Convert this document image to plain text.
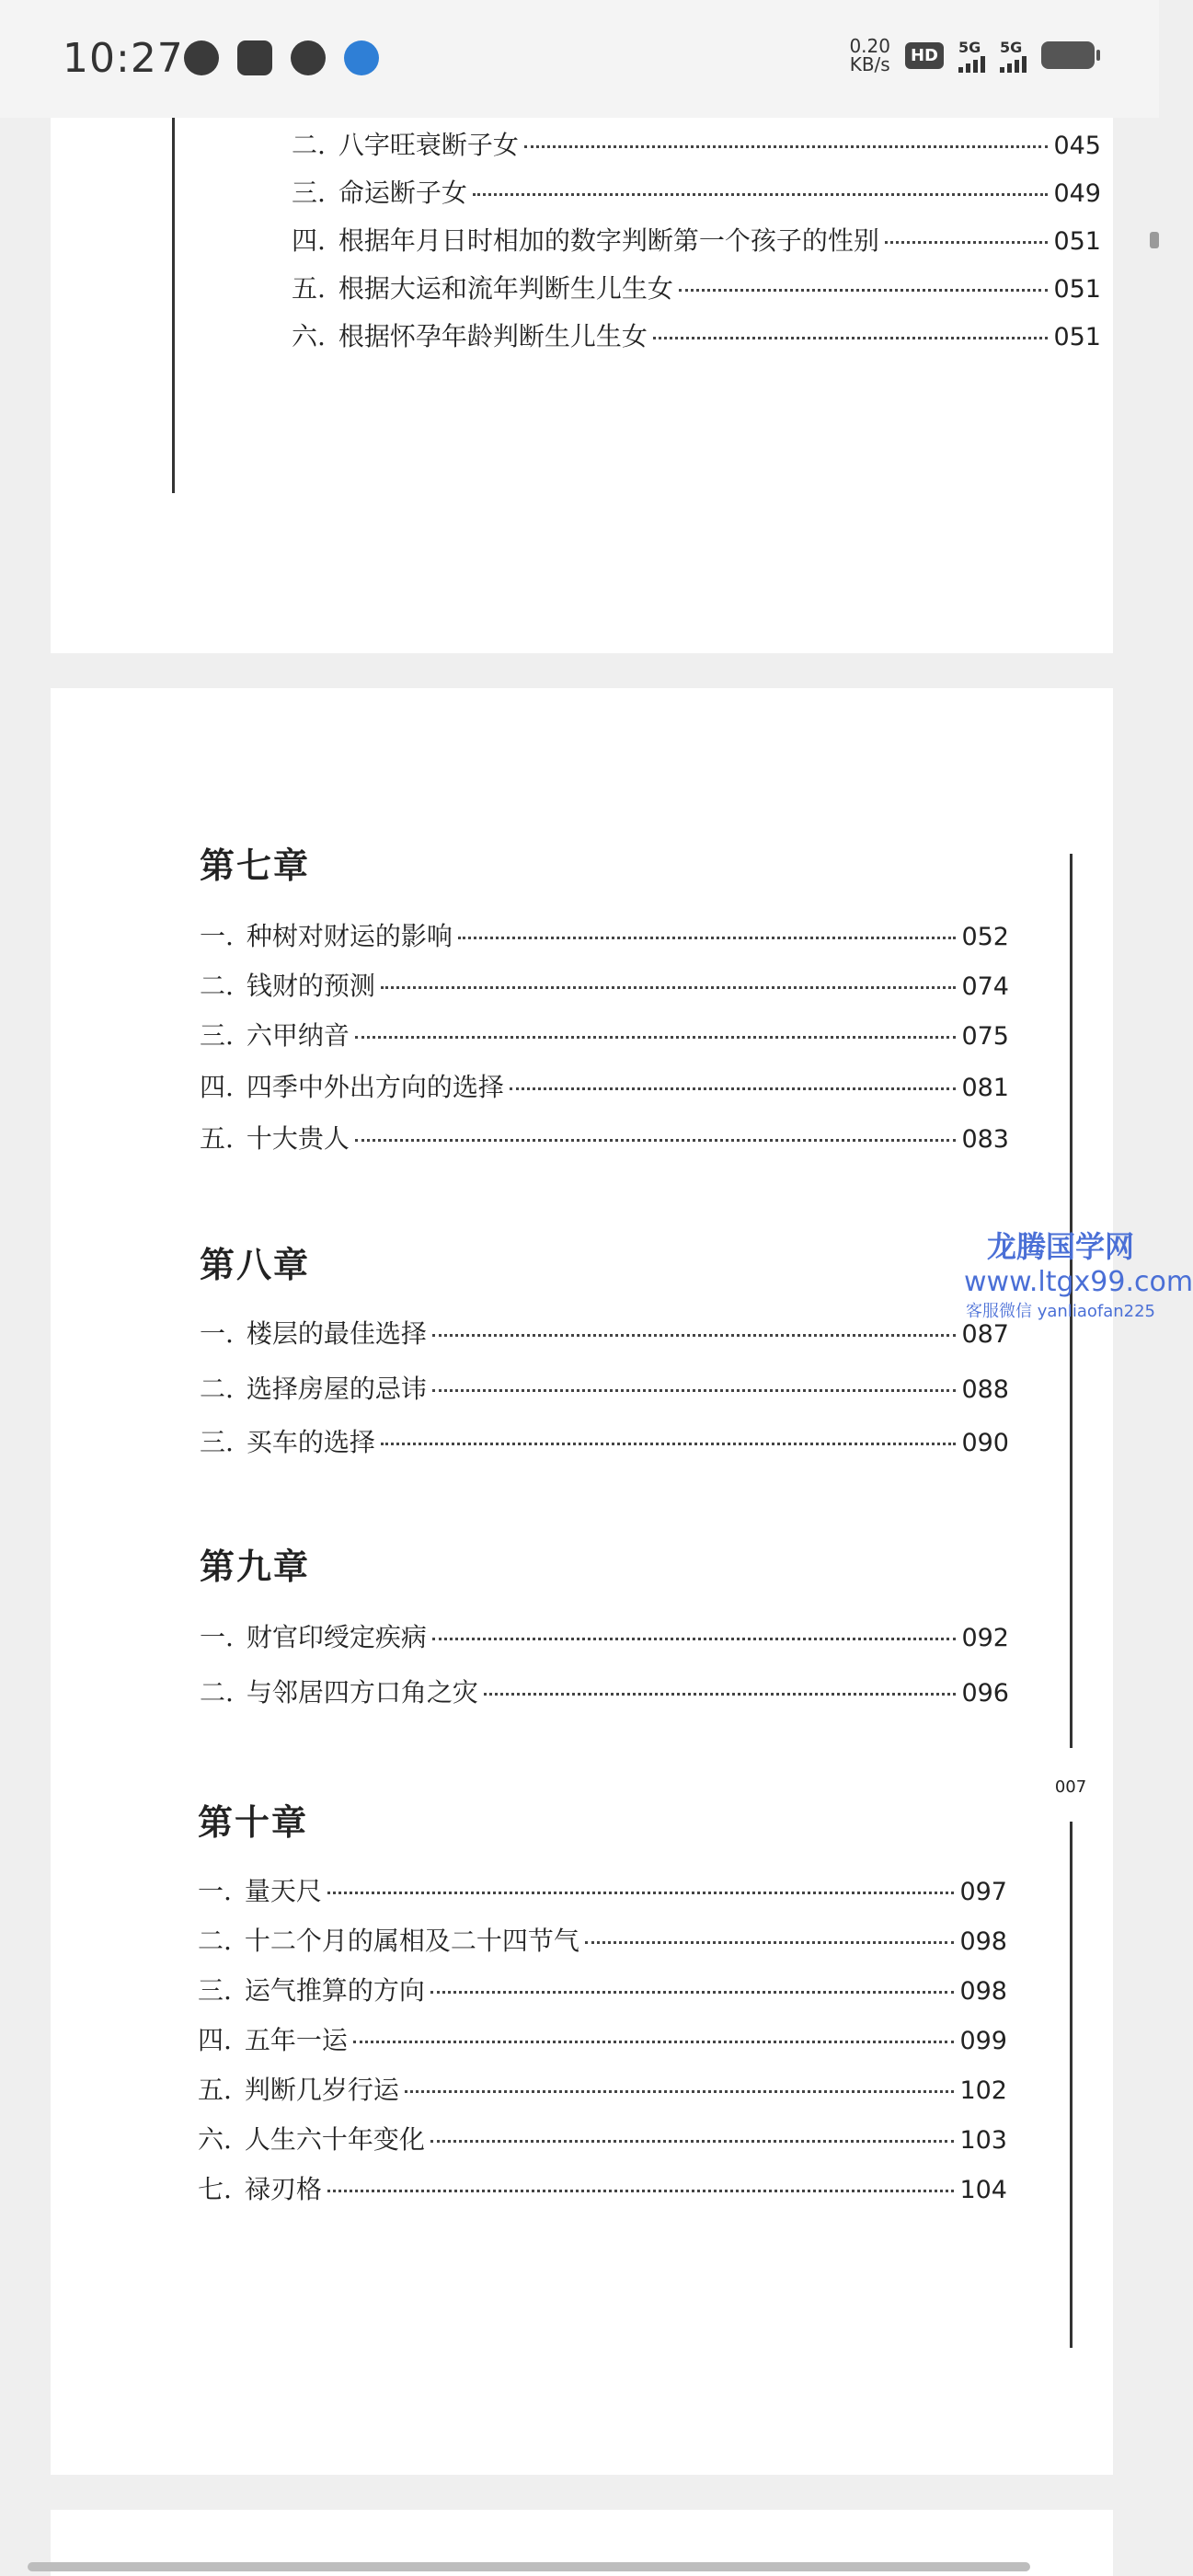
10:27	0.20
KB/s	HD	5G 5G
二. 八字旺衰断子女	045
三. 命运断子女	049
四. 根据年月日时相加的数字判断第一个孩子的性别	051
五. 根据大运和流年判断生儿生女	051
六. 根据怀孕年龄判断生儿生女	051
第七章
一. 种树对财运的影响	052
二. 钱财的预测	074
三. 六甲纳音	075
四. 四季中外出方向的选择	081
五. 十大贵人	083
第八章
一. 楼层的最佳选择	087
二. 选择房屋的忌讳	088
三. 买车的选择	090
第九章
一. 财官印绶定疾病	092
二. 与邻居四方口角之灾	096
第十章
一. 量天尺	097
二. 十二个月的属相及二十四节气	098
三. 运气推算的方向	098
四. 五年一运	099
五. 判断几岁行运	102
六. 人生六十年变化	103
七. 禄刃格	104
007
龙腾国学网
www.ltgx99.com
客服微信 yanliaofan225
